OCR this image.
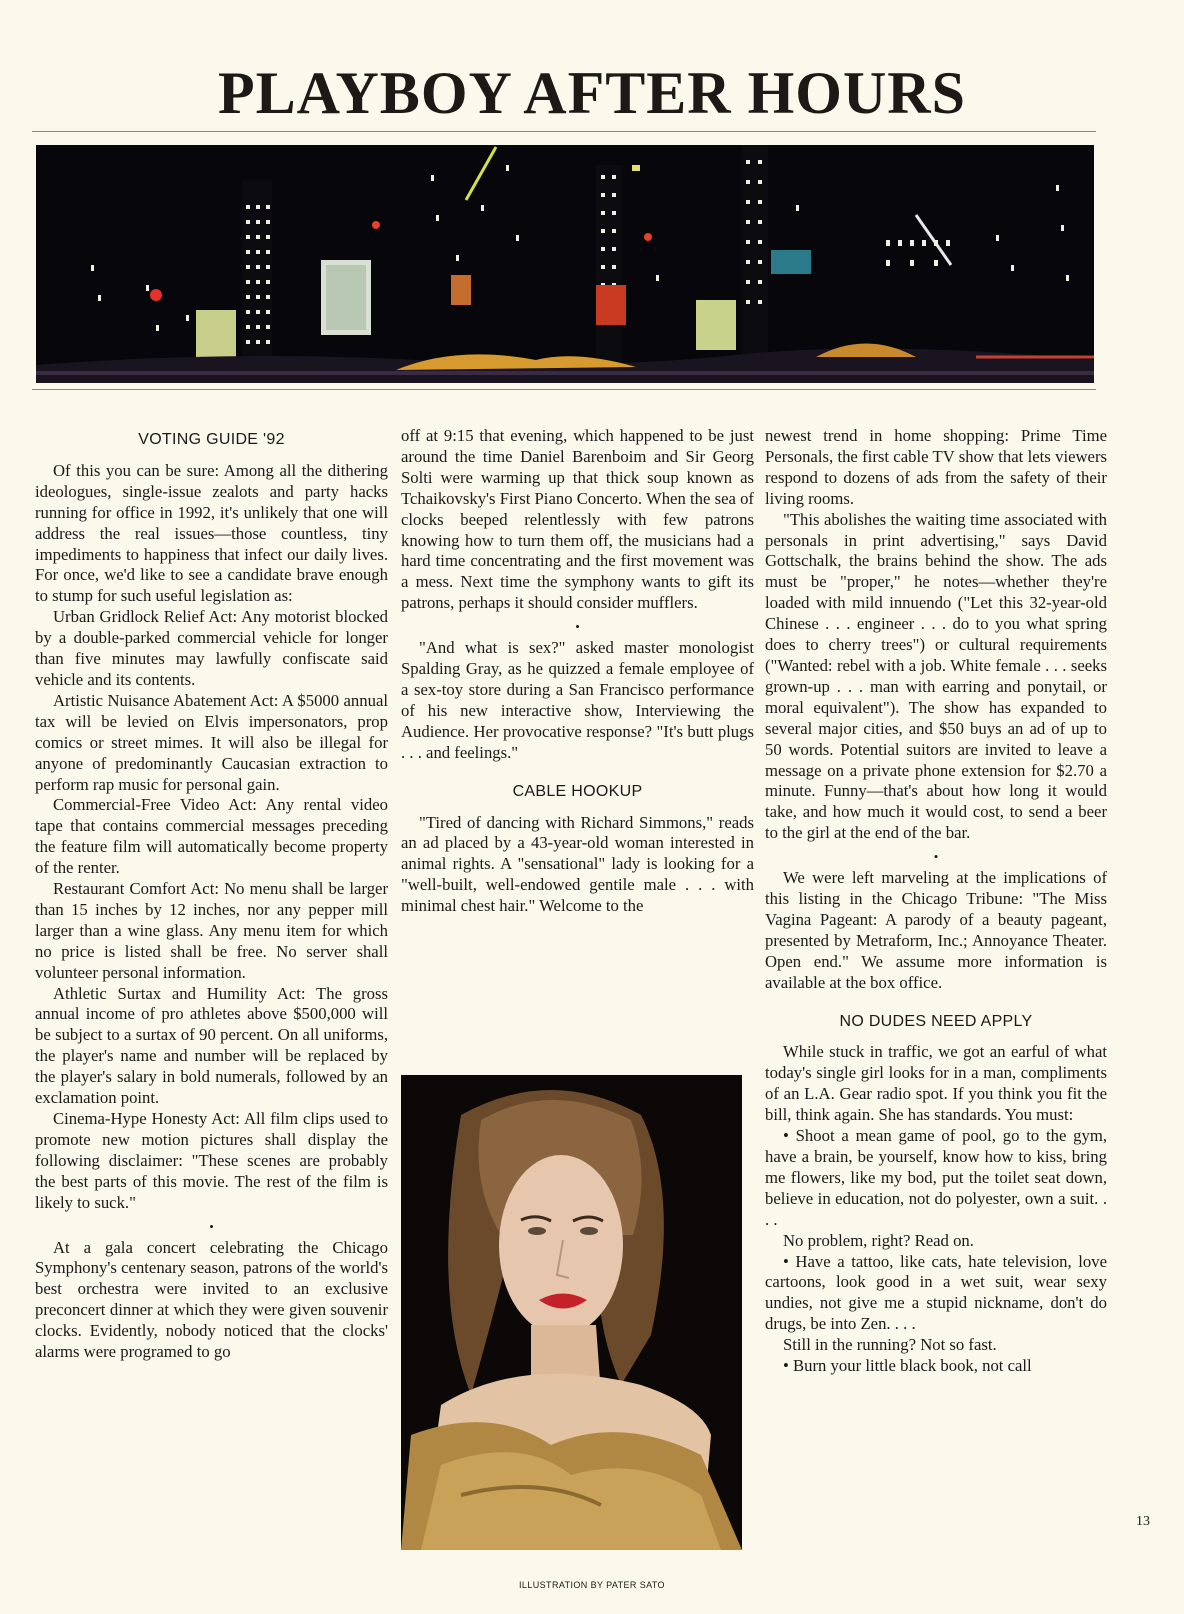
PLAYBOY AFTER HOURS
VOTING GUIDE '92

Of this you can be sure: Among all the dithering ideologues, single-issue zealots and party hacks running for office in 1992, it's unlikely that one will address the real issues—those countless, tiny impediments to happiness that infect our daily lives. For once, we'd like to see a candidate brave enough to stump for such useful legislation as:

Urban Gridlock Relief Act: Any motorist blocked by a double-parked commercial vehicle for longer than five minutes may lawfully confiscate said vehicle and its contents.

Artistic Nuisance Abatement Act: A $5000 annual tax will be levied on Elvis impersonators, prop comics or street mimes. It will also be illegal for anyone of predominantly Caucasian extraction to perform rap music for personal gain.

Commercial-Free Video Act: Any rental video tape that contains commercial messages preceding the feature film will automatically become property of the renter.

Restaurant Comfort Act: No menu shall be larger than 15 inches by 12 inches, nor any pepper mill larger than a wine glass. Any menu item for which no price is listed shall be free. No server shall volunteer personal information.

Athletic Surtax and Humility Act: The gross annual income of pro athletes above $500,000 will be subject to a surtax of 90 percent. On all uniforms, the player's name and number will be replaced by the player's salary in bold numerals, followed by an exclamation point.

Cinema-Hype Honesty Act: All film clips used to promote new motion pictures shall display the following disclaimer: "These scenes are probably the best parts of this movie. The rest of the film is likely to suck."

•

At a gala concert celebrating the Chicago Symphony's centenary season, patrons of the world's best orchestra were invited to an exclusive preconcert dinner at which they were given souvenir clocks. Evidently, nobody noticed that the clocks' alarms were programed to go

off at 9:15 that evening, which happened to be just around the time Daniel Barenboim and Sir Georg Solti were warming up that thick soup known as Tchaikovsky's First Piano Concerto. When the sea of clocks beeped relentlessly with few patrons knowing how to turn them off, the musicians had a hard time concentrating and the first movement was a mess. Next time the symphony wants to gift its patrons, perhaps it should consider mufflers.

•

"And what is sex?" asked master monologist Spalding Gray, as he quizzed a female employee of a sex-toy store during a San Francisco performance of his new interactive show, Interviewing the Audience. Her provocative response? "It's butt plugs . . . and feelings."

CABLE HOOKUP

"Tired of dancing with Richard Simmons," reads an ad placed by a 43-year-old woman interested in animal rights. A "sensational" lady is looking for a "well-built, well-endowed gentile male . . . with minimal chest hair." Welcome to the

newest trend in home shopping: Prime Time Personals, the first cable TV show that lets viewers respond to dozens of ads from the safety of their living rooms.

"This abolishes the waiting time associated with personals in print advertising," says David Gottschalk, the brains behind the show. The ads must be "proper," he notes—whether they're loaded with mild innuendo ("Let this 32-year-old Chinese . . . engineer . . . do to you what spring does to cherry trees") or cultural requirements ("Wanted: rebel with a job. White female . . . seeks grown-up . . . man with earring and ponytail, or moral equivalent"). The show has expanded to several major cities, and $50 buys an ad of up to 50 words. Potential suitors are invited to leave a message on a private phone extension for $2.70 a minute. Funny—that's about how long it would take, and how much it would cost, to send a beer to the girl at the end of the bar.

•

We were left marveling at the implications of this listing in the Chicago Tribune: "The Miss Vagina Pageant: A parody of a beauty pageant, presented by Metraform, Inc.; Annoyance Theater. Open end." We assume more information is available at the box office.

NO DUDES NEED APPLY

While stuck in traffic, we got an earful of what today's single girl looks for in a man, compliments of an L.A. Gear radio spot. If you think you fit the bill, think again. She has standards. You must:

• Shoot a mean game of pool, go to the gym, have a brain, be yourself, know how to kiss, bring me flowers, like my bod, put the toilet seat down, believe in education, not do polyester, own a suit. . . .

No problem, right? Read on.

• Have a tattoo, like cats, hate television, love cartoons, look good in a wet suit, wear sexy undies, not give me a stupid nickname, don't do drugs, be into Zen. . . .

Still in the running? Not so fast.

• Burn your little black book, not call

13
ILLUSTRATION BY PATER SATO
